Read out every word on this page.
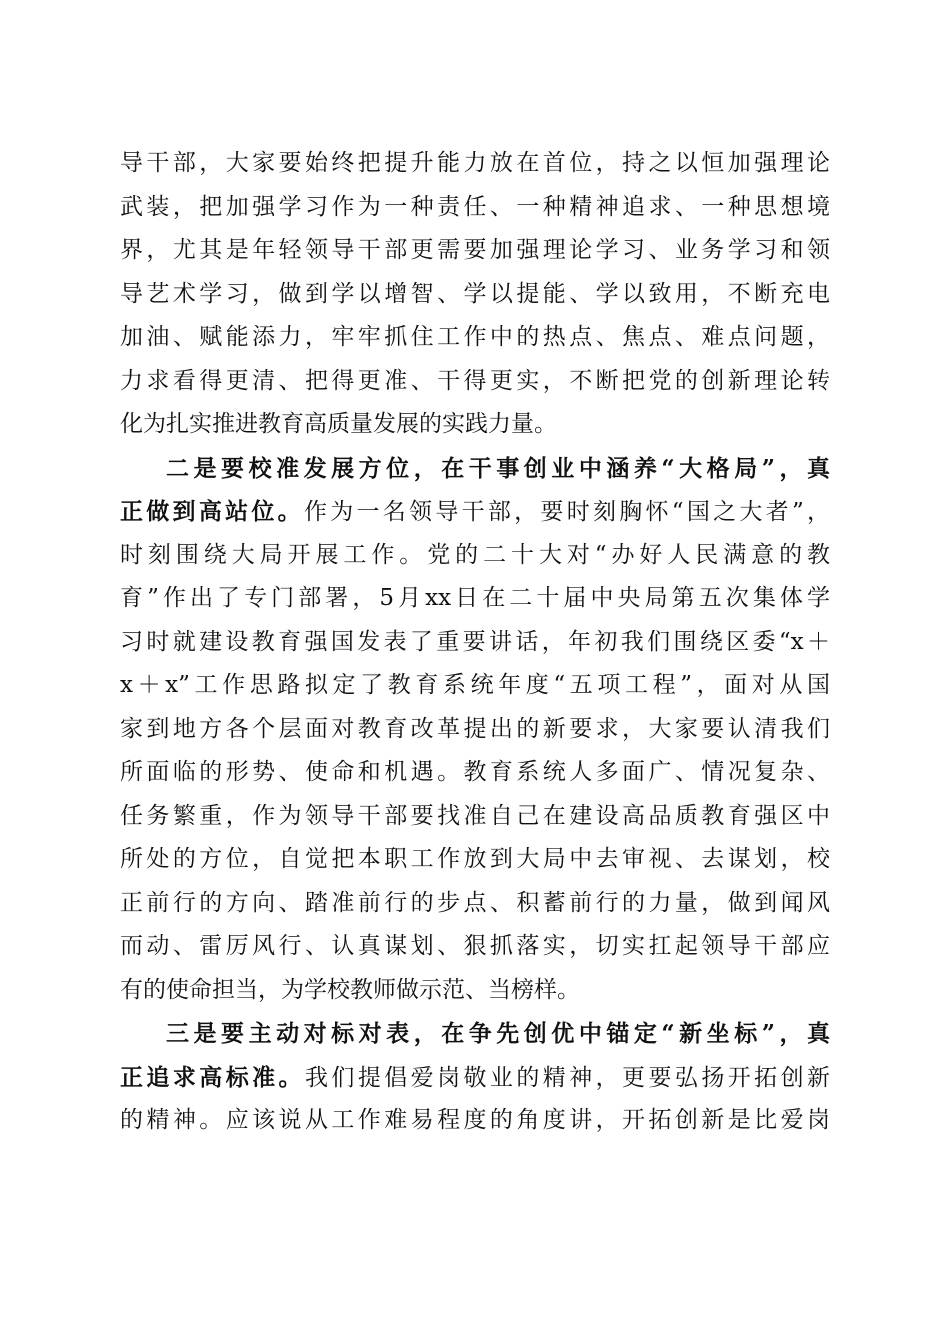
导干部，大家要始终把提升能力放在首位，持之以恒加强理论
武装，把加强学习作为一种责任、一种精神追求、一种思想境
界，尤其是年轻领导干部更需要加强理论学习、业务学习和领
导艺术学习，做到学以增智、学以提能、学以致用，不断充电
加油、赋能添力，牢牢抓住工作中的热点、焦点、难点问题，
力求看得更清、把得更准、干得更实，不断把党的创新理论转
化为扎实推进教育高质量发展的实践力量。
二是要校准发展方位，在干事创业中涵养“大格局”，真
正做到高站位。作为一名领导干部，要时刻胸怀“国之大者”，
时刻围绕大局开展工作。党的二十大对“办好人民满意的教
育”作出了专门部署，5月xx日在二十届中央局第五次集体学
习时就建设教育强国发表了重要讲话，年初我们围绕区委“x＋
x＋x”工作思路拟定了教育系统年度“五项工程”，面对从国
家到地方各个层面对教育改革提出的新要求，大家要认清我们
所面临的形势、使命和机遇。教育系统人多面广、情况复杂、
任务繁重，作为领导干部要找准自己在建设高品质教育强区中
所处的方位，自觉把本职工作放到大局中去审视、去谋划，校
正前行的方向、踏准前行的步点、积蓄前行的力量，做到闻风
而动、雷厉风行、认真谋划、狠抓落实，切实扛起领导干部应
有的使命担当，为学校教师做示范、当榜样。
三是要主动对标对表，在争先创优中锚定“新坐标”，真
正追求高标准。我们提倡爱岗敬业的精神，更要弘扬开拓创新
的精神。应该说从工作难易程度的角度讲，开拓创新是比爱岗
